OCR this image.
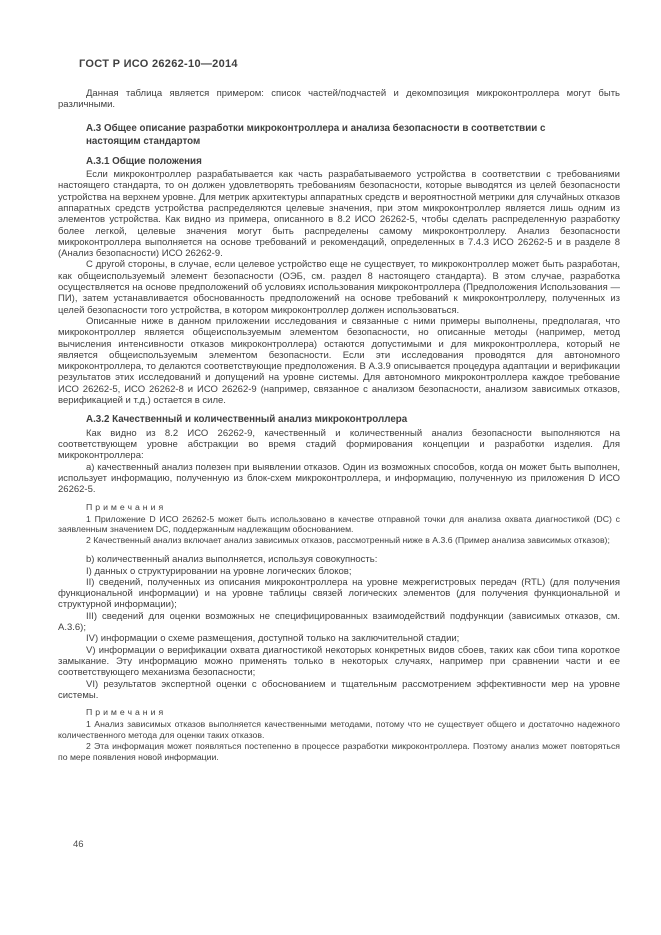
ГОСТ Р ИСО 26262-10—2014

Данная таблица является примером: список частей/подчастей и декомпозиция микроконтроллера могут быть различными.

А.3 Общее описание разработки микроконтроллера и анализа безопасности в соответствии с настоящим стандартом

А.3.1 Общие положения

Если микроконтроллер разрабатывается как часть разрабатываемого устройства в соответствии с требованиями настоящего стандарта, то он должен удовлетворять требованиям безопасности, которые выводятся из целей безопасности устройства на верхнем уровне. Для метрик архитектуры аппаратных средств и вероятностной метрики для случайных отказов аппаратных средств устройства распределяются целевые значения, при этом микроконтроллер является лишь одним из элементов устройства. Как видно из примера, описанного в 8.2 ИСО 26262-5, чтобы сделать распределенную разработку более легкой, целевые значения могут быть распределены самому микроконтроллеру. Анализ безопасности микроконтроллера выполняется на основе требований и рекомендаций, определенных в 7.4.3 ИСО 26262-5 и в разделе 8 (Анализ безопасности) ИСО 26262-9.

С другой стороны, в случае, если целевое устройство еще не существует, то микроконтроллер может быть разработан, как общеиспользуемый элемент безопасности (ОЭБ, см. раздел 8 настоящего стандарта). В этом случае, разработка осуществляется на основе предположений об условиях использования микроконтроллера (Предположения Использования — ПИ), затем устанавливается обоснованность предположений на основе требований к микроконтроллеру, полученных из целей безопасности того устройства, в котором микроконтроллер должен использоваться.

Описанные ниже в данном приложении исследования и связанные с ними примеры выполнены, предполагая, что микроконтроллер является общеиспользуемым элементом безопасности, но описанные методы (например, метод вычисления интенсивности отказов микроконтроллера) остаются допустимыми и для микроконтроллера, который не является общеиспользуемым элементом безопасности. Если эти исследования проводятся для автономного микроконтроллера, то делаются соответствующие предположения. В А.3.9 описывается процедура адаптации и верификации результатов этих исследований и допущений на уровне системы. Для автономного микроконтроллера каждое требование ИСО 26262-5, ИСО 26262-8 и ИСО 26262-9 (например, связанное с анализом безопасности, анализом зависимых отказов, верификацией и т.д.) остается в силе.

А.3.2 Качественный и количественный анализ микроконтроллера

Как видно из 8.2 ИСО 26262-9, качественный и количественный анализ безопасности выполняются на соответствующем уровне абстракции во время стадий формирования концепции и разработки изделия. Для микроконтроллера:

а) качественный анализ полезен при выявлении отказов. Один из возможных способов, когда он может быть выполнен, использует информацию, полученную из блок-схем микроконтроллера, и информацию, полученную из приложения D ИСО 26262-5.

Примечания

1 Приложение D ИСО 26262-5 может быть использовано в качестве отправной точки для анализа охвата диагностикой (DC) с заявленным значением DC, поддержанным надлежащим обоснованием.

2 Качественный анализ включает анализ зависимых отказов, рассмотренный ниже в А.3.6 (Пример анализа зависимых отказов);

b) количественный анализ выполняется, используя совокупность:

I) данных о структурировании на уровне логических блоков;

II) сведений, полученных из описания микроконтроллера на уровне межрегистровых передач (RTL) (для получения функциональной информации) и на уровне таблицы связей логических элементов (для получения функциональной и структурной информации);

III) сведений для оценки возможных не специфицированных взаимодействий подфункции (зависимых отказов, см. А.3.6);

IV) информации о схеме размещения, доступной только на заключительной стадии;

V) информации о верификации охвата диагностикой некоторых конкретных видов сбоев, таких как сбои типа короткое замыкание. Эту информацию можно применять только в некоторых случаях, например при сравнении части и ее соответствующего механизма безопасности;

VI) результатов экспертной оценки с обоснованием и тщательным рассмотрением эффективности мер на уровне системы.

Примечания

1 Анализ зависимых отказов выполняется качественными методами, потому что не существует общего и достаточно надежного количественного метода для оценки таких отказов.

2 Эта информация может появляться постепенно в процессе разработки микроконтроллера. Поэтому анализ может повторяться по мере появления новой информации.

46
